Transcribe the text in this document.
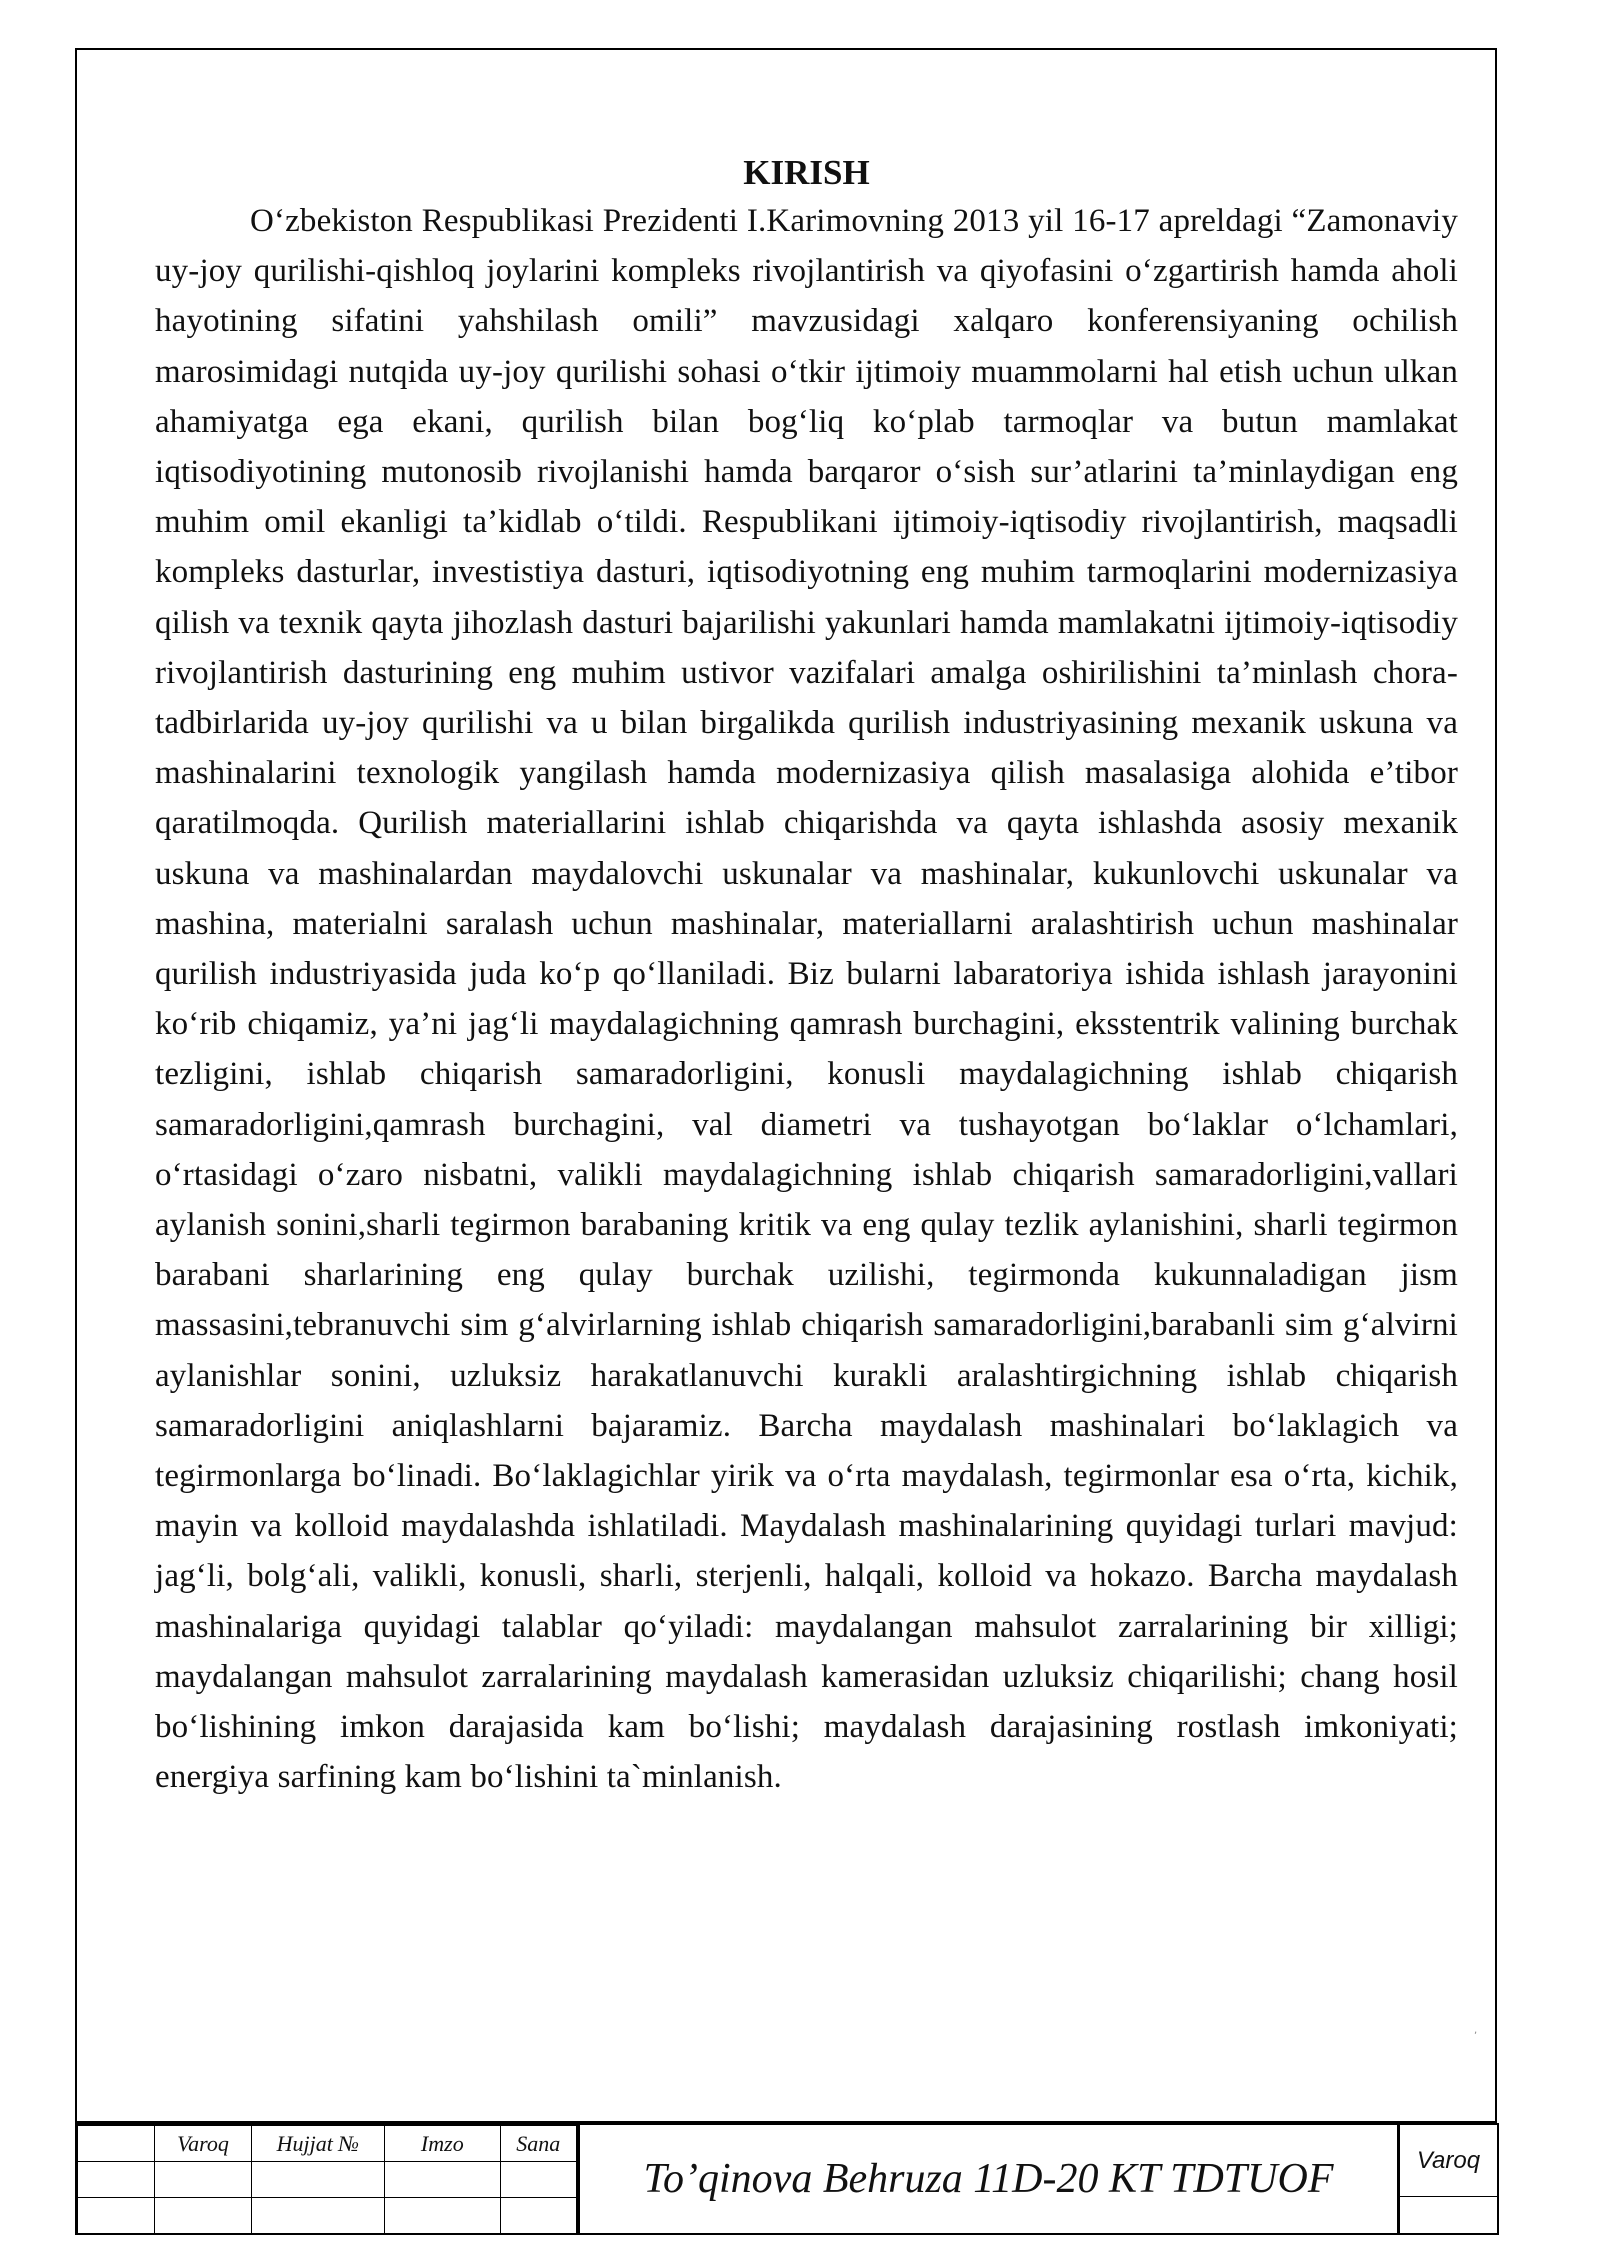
KIRISH

O‘zbekiston Respublikasi Prezidenti I.Karimovning 2013 yil 16-17 apreldagi “Zamonaviy uy-joy qurilishi-qishloq joylarini kompleks rivojlantirish va qiyofasini o‘zgartirish hamda aholi hayotining sifatini yahshilash omili” mavzusidagi xalqaro konferensiyaning ochilish marosimidagi nutqida uy-joy qurilishi sohasi o‘tkir ijtimoiy muammolarni hal etish uchun ulkan ahamiyatga ega ekani, qurilish bilan bog‘liq ko‘plab tarmoqlar va butun mamlakat iqtisodiyotining mutonosib rivojlanishi hamda barqaror o‘sish sur’atlarini ta’minlaydigan eng muhim omil ekanligi ta’kidlab o‘tildi. Respublikani ijtimoiy-iqtisodiy rivojlantirish, maqsadli kompleks dasturlar, investistiya dasturi, iqtisodiyotning eng muhim tarmoqlarini modernizasiya qilish va texnik qayta jihozlash dasturi bajarilishi yakunlari hamda mamlakatni ijtimoiy-iqtisodiy rivojlantirish dasturining eng muhim ustivor vazifalari amalga oshirilishini ta’minlash chora-tadbirlarida uy-joy qurilishi va u bilan birgalikda qurilish industriyasining mexanik uskuna va mashinalarini texnologik yangilash hamda modernizasiya qilish masalasiga alohida e’tibor qaratilmoqda. Qurilish materiallarini ishlab chiqarishda va qayta ishlashda asosiy mexanik uskuna va mashinalardan maydalovchi uskunalar va mashinalar, kukunlovchi uskunalar va mashina, materialni saralash uchun mashinalar, materiallarni aralashtirish uchun mashinalar qurilish industriyasida juda ko‘p qo‘llaniladi. Biz bularni labaratoriya ishida ishlash jarayonini ko‘rib chiqamiz, ya’ni jag‘li maydalagichning qamrash burchagini, eksstentrik valining burchak tezligini, ishlab chiqarish samaradorligini, konusli maydalagichning ishlab chiqarish samaradorligini,qamrash burchagini, val diametri va tushayotgan bo‘laklar o‘lchamlari, o‘rtasidagi o‘zaro nisbatni, valikli maydalagichning ishlab chiqarish samaradorligini,vallari aylanish sonini,sharli tegirmon barabaning kritik va eng qulay tezlik aylanishini, sharli tegirmon barabani sharlarining eng qulay burchak uzilishi, tegirmonda kukunnaladigan jism massasini,tebranuvchi sim g‘alvirlarning ishlab chiqarish samaradorligini,barabanli sim g‘alvirni aylanishlar sonini, uzluksiz harakatlanuvchi kurakli aralashtirgichning ishlab chiqarish samaradorligini aniqlashlarni bajaramiz. Barcha maydalash mashinalari bo‘laklagich va tegirmonlarga bo‘linadi. Bo‘laklagichlar yirik va o‘rta maydalash, tegirmonlar esa o‘rta, kichik, mayin va kolloid maydalashda ishlatiladi. Maydalash mashinalarining quyidagi turlari mavjud: jag‘li, bolg‘ali, valikli, konusli, sharli, sterjenli, halqali, kolloid va hokazo. Barcha maydalash mashinalariga quyidagi talablar qo‘yiladi: maydalangan mahsulot zarralarining bir xilligi; maydalangan mahsulot zarralarining maydalash kamerasidan uzluksiz chiqarilishi; chang hosil bo‘lishining imkon darajasida kam bo‘lishi; maydalash darajasining rostlash imkoniyati; energiya sarfining kam bo‘lishini ta`minlanish.

,
	Varoq	Hujjat №	Imzo	Sana

To’qinova Behruza 11D-20 KT TDTUOF	Varoq
